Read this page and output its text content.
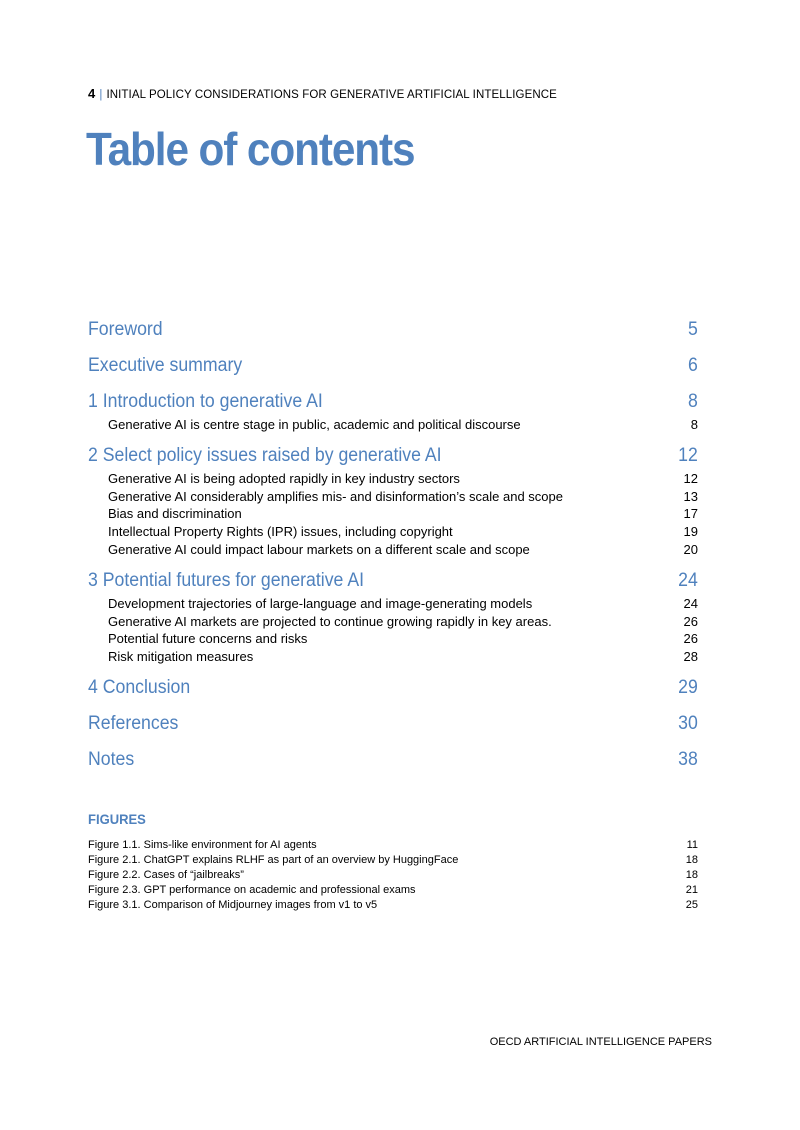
4 | INITIAL POLICY CONSIDERATIONS FOR GENERATIVE ARTIFICIAL INTELLIGENCE
Table of contents
Foreword	5
Executive summary	6
1 Introduction to generative AI	8
Generative AI is centre stage in public, academic and political discourse	8
2 Select policy issues raised by generative AI	12
Generative AI is being adopted rapidly in key industry sectors	12
Generative AI considerably amplifies mis- and disinformation’s scale and scope	13
Bias and discrimination	17
Intellectual Property Rights (IPR) issues, including copyright	19
Generative AI could impact labour markets on a different scale and scope	20
3 Potential futures for generative AI	24
Development trajectories of large-language and image-generating models	24
Generative AI markets are projected to continue growing rapidly in key areas.	26
Potential future concerns and risks	26
Risk mitigation measures	28
4 Conclusion	29
References	30
Notes	38
FIGURES
Figure 1.1. Sims-like environment for AI agents	11
Figure 2.1. ChatGPT explains RLHF as part of an overview by HuggingFace	18
Figure 2.2. Cases of “jailbreaks”	18
Figure 2.3. GPT performance on academic and professional exams	21
Figure 3.1. Comparison of Midjourney images from v1 to v5	25
OECD ARTIFICIAL INTELLIGENCE PAPERS
